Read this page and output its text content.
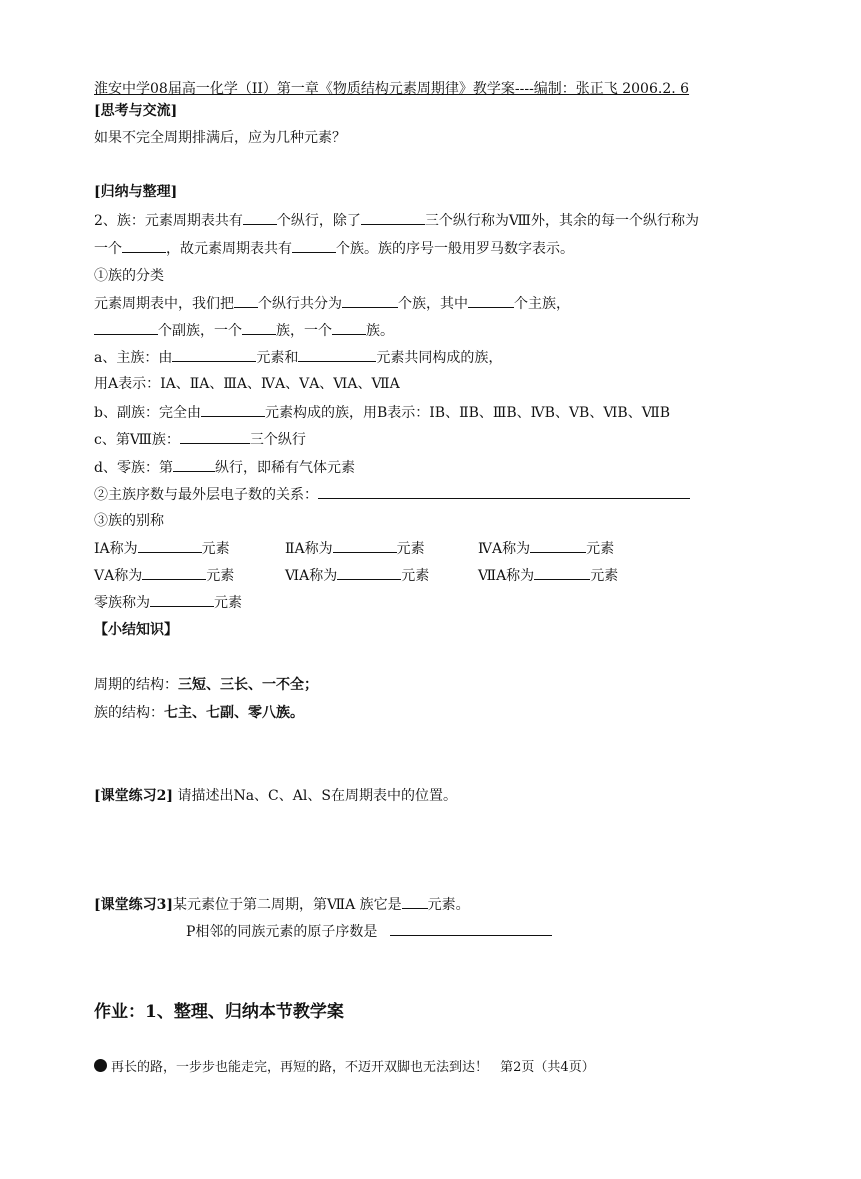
淮安中学08届高一化学（II）第一章《物质结构元素周期律》教学案----编制：张正飞 2006.2. 6
[思考与交流]
如果不完全周期排满后，应为几种元素？
[归纳与整理]
2、族：元素周期表共有 个纵行，除了	三个纵行称为Ⅷ外，其余的每一个纵行称为
一个	，故元素周期表共有	个族。族的序号一般用罗马数字表示。
①族的分类
元素周期表中，我们把 个纵行共分为	个族，其中	个主族，
个副族，一个 族，一个 族。
a、主族：由	元素和	元素共同构成的族，
用A表示：ⅠA、ⅡA、ⅢA、ⅣA、ⅤA、ⅥA、ⅦA
b、副族：完全由	元素构成的族，用B表示：ⅠB、ⅡB、ⅢB、ⅣB、ⅤB、ⅥB、ⅦB
c、第Ⅷ族：	三个纵行
d、零族：第	纵行，即稀有气体元素
②主族序数与最外层电子数的关系：
③族的别称
ⅠA称为	元素	ⅡA称为	元素	ⅣA称为	元素
ⅤA称为	元素	ⅥA称为	元素	ⅦA称为	元素
零族称为	元素
【小结知识】
周期的结构：三短、三长、一不全；
族的结构：七主、七副、零八族。
[课堂练习2] 请描述出Na、C、Al、S在周期表中的位置。
[课堂练习3]某元素位于第二周期，第ⅦA 族它是 元素。
P相邻的同族元素的原子序数是
作业：1、整理、归纳本节教学案
再长的路，一步步也能走完，再短的路，不迈开双脚也无法到达！ 第2页（共4页）
